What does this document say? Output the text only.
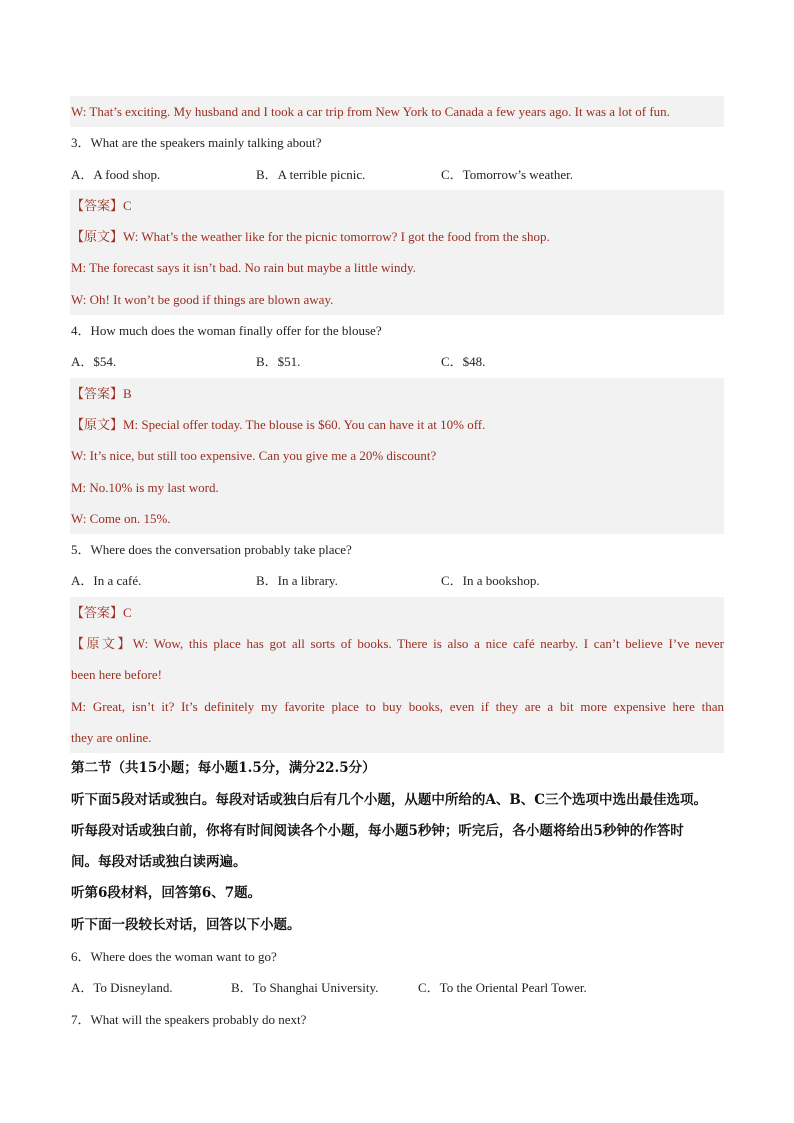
W: That’s exciting. My husband and I took a car trip from New York to Canada a few years ago. It was a lot of fun.
3．What are the speakers mainly talking about?
A．A food shop.	B．A terrible picnic.	C．Tomorrow’s weather.
【答案】C
【原文】W: What’s the weather like for the picnic tomorrow? I got the food from the shop.
M: The forecast says it isn’t bad. No rain but maybe a little windy.
W: Oh! It won’t be good if things are blown away.
4．How much does the woman finally offer for the blouse?
A．$54.	B．$51.	C．$48.
【答案】B
【原文】M: Special offer today. The blouse is $60. You can have it at 10% off.
W: It’s nice, but still too expensive. Can you give me a 20% discount?
M: No.10% is my last word.
W: Come on. 15%.
5．Where does the conversation probably take place?
A．In a café.	B．In a library.	C．In a bookshop.
【答案】C
【原文】W: Wow, this place has got all sorts of books. There is also a nice café nearby. I can’t believe I’ve never
been here before!
M: Great, isn’t it? It’s definitely my favorite place to buy books, even if they are a bit more expensive here than
they are online.
第二节（共15小题；每小题1.5分，满分22.5分）
听下面5段对话或独白。每段对话或独白后有几个小题，从题中所给的A、B、C三个选项中选出最佳选项。
听每段对话或独白前，你将有时间阅读各个小题，每小题5秒钟；听完后，各小题将给出5秒钟的作答时
间。每段对话或独白读两遍。
听第6段材料，回答第6、7题。
听下面一段较长对话，回答以下小题。
6．Where does the woman want to go?
A．To Disneyland.	B．To Shanghai University.	C．To the Oriental Pearl Tower.
7．What will the speakers probably do next?
